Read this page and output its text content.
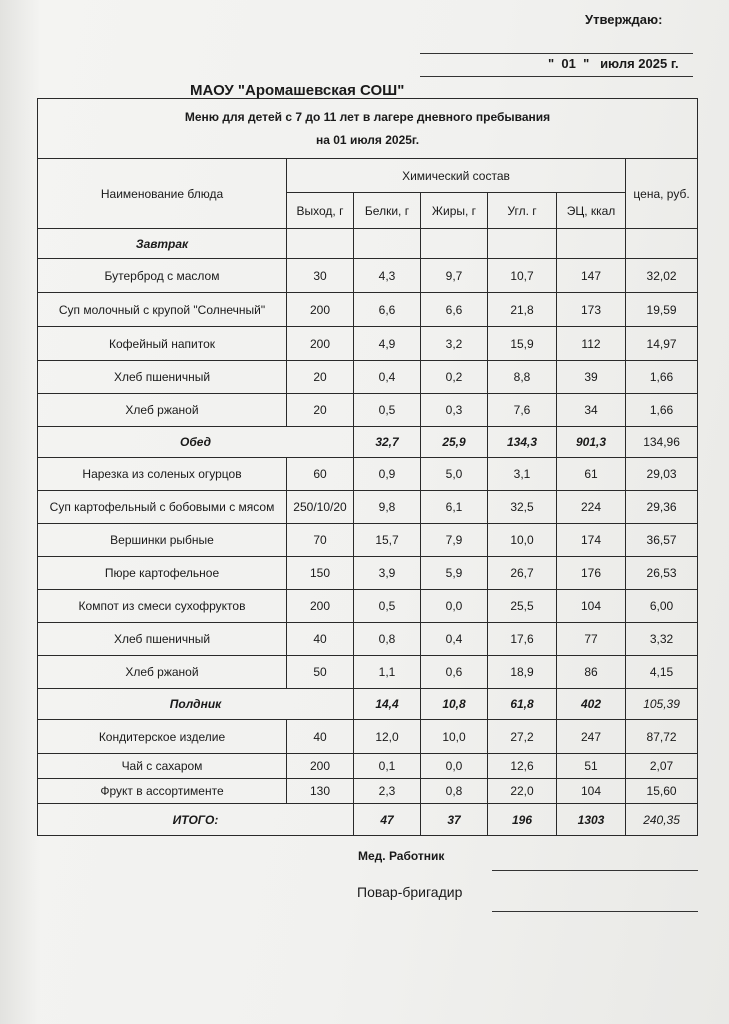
Утверждаю:
"  01  "   июля 2025 г.
МАОУ "Аромашевская СОШ"
Меню для детей с 7 до 11 лет в лагере дневного пребывания
на 01 июля 2025г.						
Наименование блюда	Химический состав					цена, руб.
	Выход, г	Белки, г	Жиры, г	Угл. г	ЭЦ, ккал	
Завтрак						
Бутерброд с маслом	30	4,3	9,7	10,7	147	32,02
Суп молочный с крупой "Солнечный"	200	6,6	6,6	21,8	173	19,59
Кофейный напиток	200	4,9	3,2	15,9	112	14,97
Хлеб пшеничный	20	0,4	0,2	8,8	39	1,66
Хлеб ржаной	20	0,5	0,3	7,6	34	1,66
Обед		32,7	25,9	134,3	901,3	134,96
Нарезка из соленых огурцов	60	0,9	5,0	3,1	61	29,03
Суп картофельный с бобовыми с мясом	250/10/20	9,8	6,1	32,5	224	29,36
Вершинки рыбные	70	15,7	7,9	10,0	174	36,57
Пюре картофельное	150	3,9	5,9	26,7	176	26,53
Компот из смеси сухофруктов	200	0,5	0,0	25,5	104	6,00
Хлеб пшеничный	40	0,8	0,4	17,6	77	3,32
Хлеб ржаной	50	1,1	0,6	18,9	86	4,15
Полдник		14,4	10,8	61,8	402	105,39
Кондитерское изделие	40	12,0	10,0	27,2	247	87,72
Чай с сахаром	200	0,1	0,0	12,6	51	2,07
Фрукт в ассортименте	130	2,3	0,8	22,0	104	15,60
ИТОГО:		47	37	196	1303	240,35
Мед. Работник
Повар-бригадир
